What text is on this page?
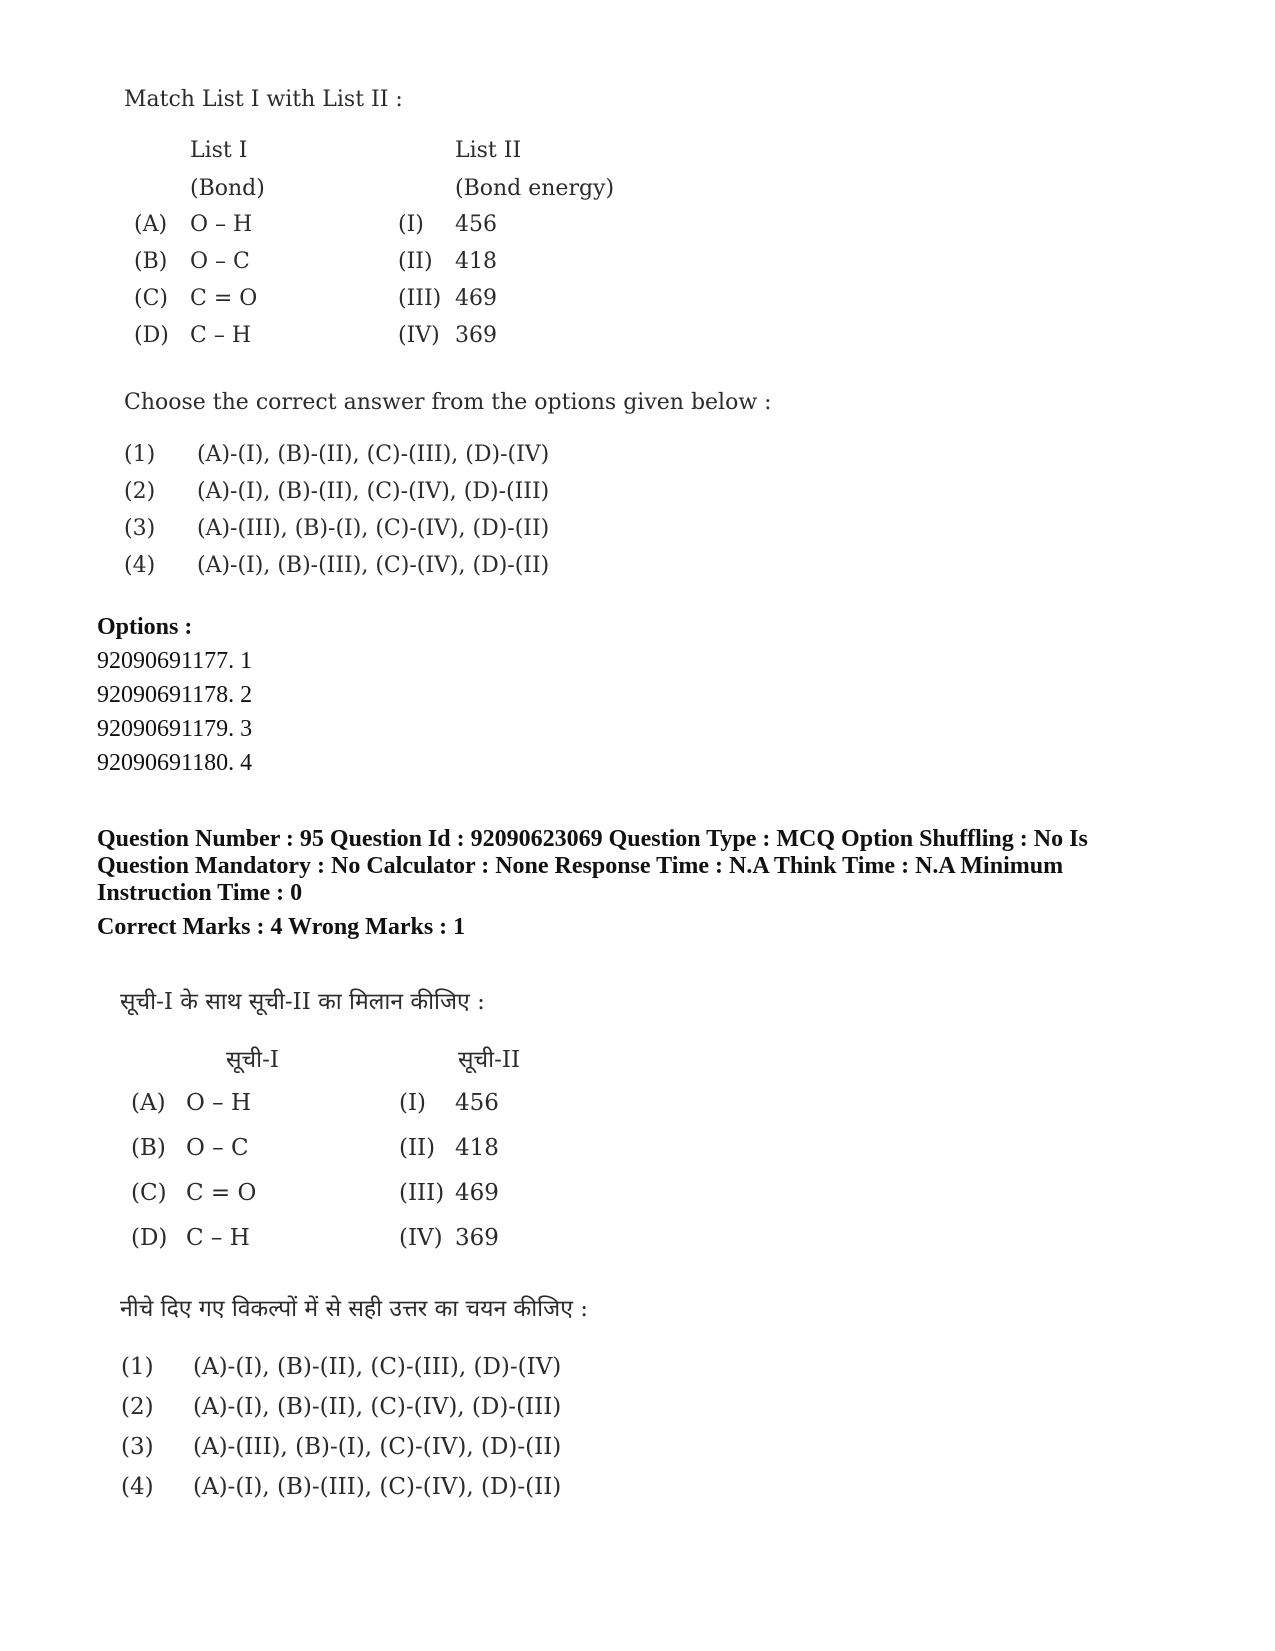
Match List I with List II :
List I	List II
(Bond)	(Bond energy)
(A) O – H	(I) 456
(B) O – C	(II) 418
(C) C = O	(III) 469
(D) C – H	(IV) 369
Choose the correct answer from the options given below :
(1) (A)-(I), (B)-(II), (C)-(III), (D)-(IV)
(2) (A)-(I), (B)-(II), (C)-(IV), (D)-(III)
(3) (A)-(III), (B)-(I), (C)-(IV), (D)-(II)
(4) (A)-(I), (B)-(III), (C)-(IV), (D)-(II)
Options :
92090691177. 1
92090691178. 2
92090691179. 3
92090691180. 4
Question Number : 95 Question Id : 92090623069 Question Type : MCQ Option Shuffling : No Is
Question Mandatory : No Calculator : None Response Time : N.A Think Time : N.A Minimum
Instruction Time : 0
Correct Marks : 4 Wrong Marks : 1
सूची-I के साथ सूची-II का मिलान कीजिए :
सूची-I	सूची-II
(A) O – H	(I) 456
(B) O – C	(II) 418
(C) C = O	(III) 469
(D) C – H	(IV) 369
नीचे दिए गए विकल्पों में से सही उत्तर का चयन कीजिए :
(1) (A)-(I), (B)-(II), (C)-(III), (D)-(IV)
(2) (A)-(I), (B)-(II), (C)-(IV), (D)-(III)
(3) (A)-(III), (B)-(I), (C)-(IV), (D)-(II)
(4) (A)-(I), (B)-(III), (C)-(IV), (D)-(II)
